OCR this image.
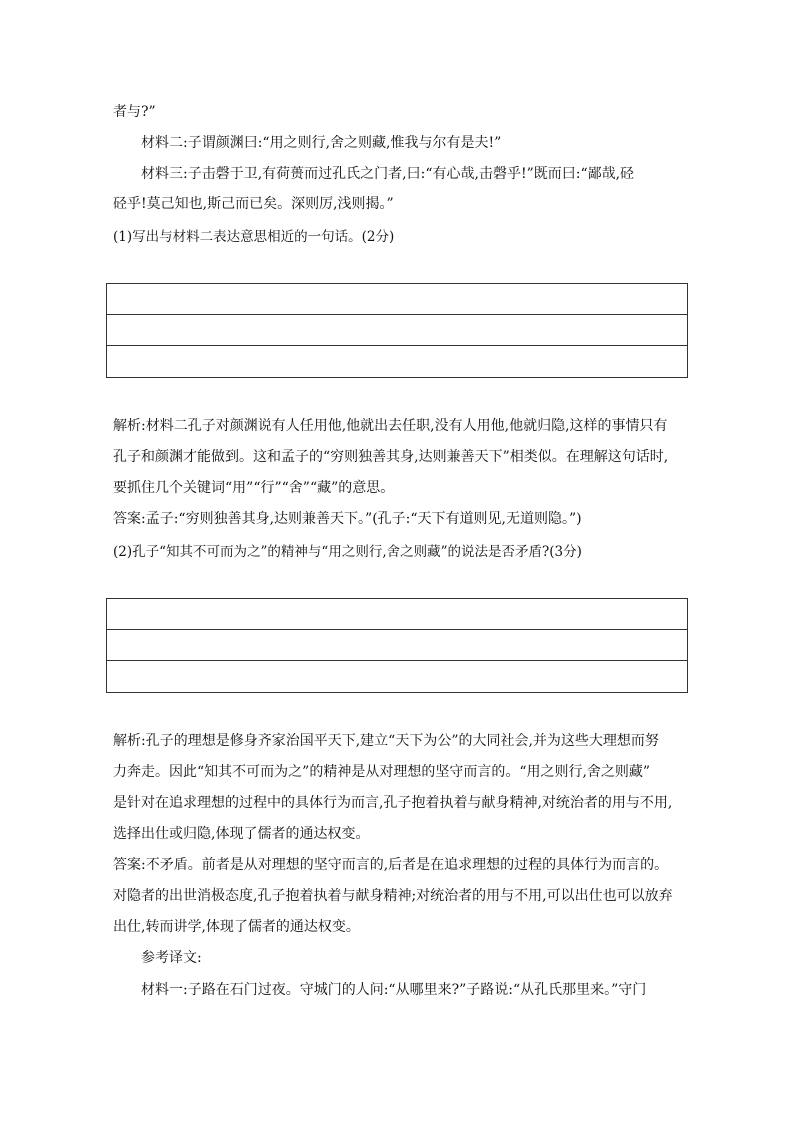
者与?”
材料二:子谓颜渊曰:“用之则行,舍之则藏,惟我与尔有是夫!”
材料三:子击磬于卫,有荷蒉而过孔氏之门者,曰:“有心哉,击磬乎!”既而曰:“鄙哉,硁
硁乎!莫己知也,斯己而已矣。深则厉,浅则揭。”
(1)写出与材料二表达意思相近的一句话。(2分)
解析:材料二孔子对颜渊说有人任用他,他就出去任职,没有人用他,他就归隐,这样的事情只有
孔子和颜渊才能做到。这和孟子的“穷则独善其身,达则兼善天下”相类似。在理解这句话时,
要抓住几个关键词“用”“行”“舍”“藏”的意思。
答案:孟子:“穷则独善其身,达则兼善天下。”(孔子:“天下有道则见,无道则隐。”)
(2)孔子“知其不可而为之”的精神与“用之则行,舍之则藏”的说法是否矛盾?(3分)
解析:孔子的理想是修身齐家治国平天下,建立“天下为公”的大同社会,并为这些大理想而努
力奔走。因此“知其不可而为之”的精神是从对理想的坚守而言的。“用之则行,舍之则藏”
是针对在追求理想的过程中的具体行为而言,孔子抱着执着与献身精神,对统治者的用与不用,
选择出仕或归隐,体现了儒者的通达权变。
答案:不矛盾。前者是从对理想的坚守而言的,后者是在追求理想的过程的具体行为而言的。
对隐者的出世消极态度,孔子抱着执着与献身精神;对统治者的用与不用,可以出仕也可以放弃
出仕,转而讲学,体现了儒者的通达权变。
参考译文:
材料一:子路在石门过夜。守城门的人问:“从哪里来?”子路说:“从孔氏那里来。”守门
